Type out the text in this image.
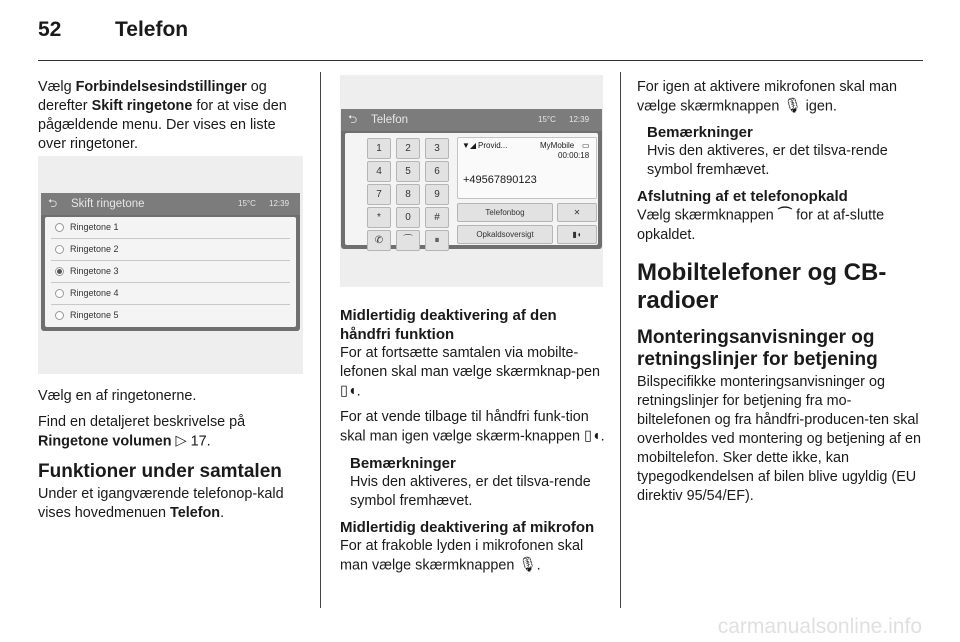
52	Telefon

Vælg Forbindelsesindstillinger og derefter Skift ringetone for at vise den pågældende menu. Der vises en liste over ringetoner.

⮌ Skift ringetone	15°C 12:39
Ringetone 1
Ringetone 2
Ringetone 3
Ringetone 4
Ringetone 5

Vælg en af ringetonerne.

Find en detaljeret beskrivelse på Ringetone volumen ▷ 17.

Funktioner under samtalen

Under et igangværende telefonop-kald vises hovedmenuen Telefon.

⮌ Telefon	15°C 12:39
1	2	3
4	5	6
7	8	9
*	0	#
✆	⌒	⏸
▼◢ Provid...	MyMobile ▭
00:00:18
+49567890123
Telefonbog	✕
Opkaldsoversigt	▮◖
Midlertidig deaktivering af den håndfri funktion

For at fortsætte samtalen via mobilte-lefonen skal man vælge skærmknap-pen ▯◖.

For at vende tilbage til håndfri funk-tion skal man igen vælge skærm-knappen ▯◖.

Bemærkninger

Hvis den aktiveres, er det tilsva-rende symbol fremhævet.

Midlertidig deaktivering af mikrofon

For at frakoble lyden i mikrofonen skal man vælge skærmknappen 🎙︎.

For igen at aktivere mikrofonen skal man vælge skærmknappen 🎙︎ igen.

Bemærkninger

Hvis den aktiveres, er det tilsva-rende symbol fremhævet.

Afslutning af et telefonopkald

Vælg skærmknappen ⌒ for at af-slutte opkaldet.

Mobiltelefoner og CB-radioer
Monteringsanvisninger og retningslinjer for betjening

Bilspecifikke monteringsanvisninger og retningslinjer for betjening fra mo-biltelefonen og fra håndfri-producen-ten skal overholdes ved montering og betjening af en mobiltelefon. Sker dette ikke, kan typegodkendelsen af bilen blive ugyldig (EU direktiv 95/54/EF).

carmanualsonline.info
